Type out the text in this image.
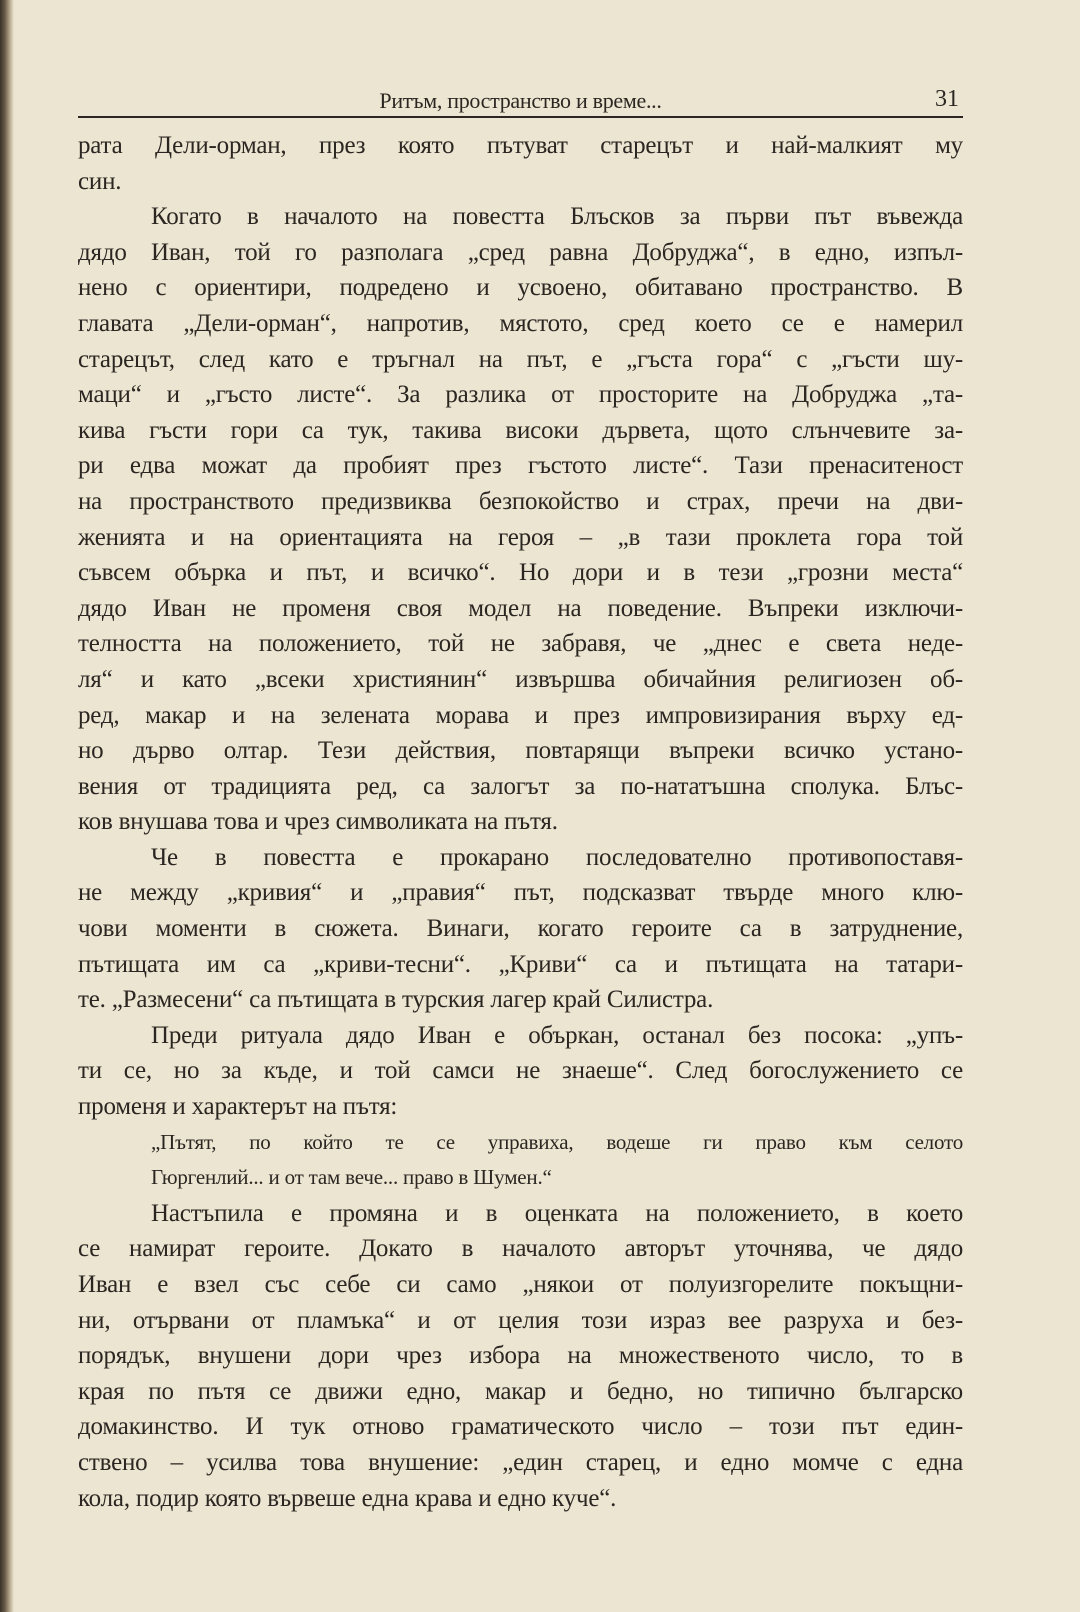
Ритъм, пространство и време...	31
рата Дели-орман, през която пътуват старецът и най-малкият му
син.
Когато в началото на повестта Блъсков за първи път въвежда
дядо Иван, той го разполага „сред равна Добруджа“, в едно, изпъл-
нено с ориентири, подредено и усвоено, обитавано пространство. В
главата „Дели-орман“, напротив, мястото, сред което се е намерил
старецът, след като е тръгнал на път, е „гъста гора“ с „гъсти шу-
маци“ и „гъсто листе“. За разлика от просторите на Добруджа „та-
кива гъсти гори са тук, такива високи дървета, щото слънчевите за-
ри едва можат да пробият през гъстото листе“. Тази пренаситеност
на пространството предизвиква безпокойство и страх, пречи на дви-
женията и на ориентацията на героя – „в тази проклета гора той
съвсем обърка и път, и всичко“. Но дори и в тези „грозни места“
дядо Иван не променя своя модел на поведение. Въпреки изключи-
телността на положението, той не забравя, че „днес е света неде-
ля“ и като „всеки християнин“ извършва обичайния религиозен об-
ред, макар и на зелената морава и през импровизирания върху ед-
но дърво олтар. Тези действия, повтарящи въпреки всичко устано-
вения от традицията ред, са залогът за по-нататъшна сполука. Блъс-
ков внушава това и чрез символиката на пътя.
Че в повестта е прокарано последователно противопоставя-
не между „кривия“ и „правия“ път, подсказват твърде много клю-
чови моменти в сюжета. Винаги, когато героите са в затруднение,
пътищата им са „криви-тесни“. „Криви“ са и пътищата на татари-
те. „Размесени“ са пътищата в турския лагер край Силистра.
Преди ритуала дядо Иван е объркан, останал без посока: „упъ-
ти се, но за къде, и той самси не знаеше“. След богослужението се
променя и характерът на пътя:
„Пътят, по който те се управиха, водеше ги право към селото
Гюргенлий... и от там вече... право в Шумен.“
Настъпила е промяна и в оценката на положението, в което
се намират героите. Докато в началото авторът уточнява, че дядо
Иван е взел със себе си само „някои от полуизгорелите покъщни-
ни, отървани от пламъка“ и от целия този израз вее разруха и без-
порядък, внушени дори чрез избора на множественото число, то в
края по пътя се движи едно, макар и бедно, но типично българско
домакинство. И тук отново граматическото число – този път един-
ствено – усилва това внушение: „един старец, и едно момче с една
кола, подир която вървеше една крава и едно куче“.
